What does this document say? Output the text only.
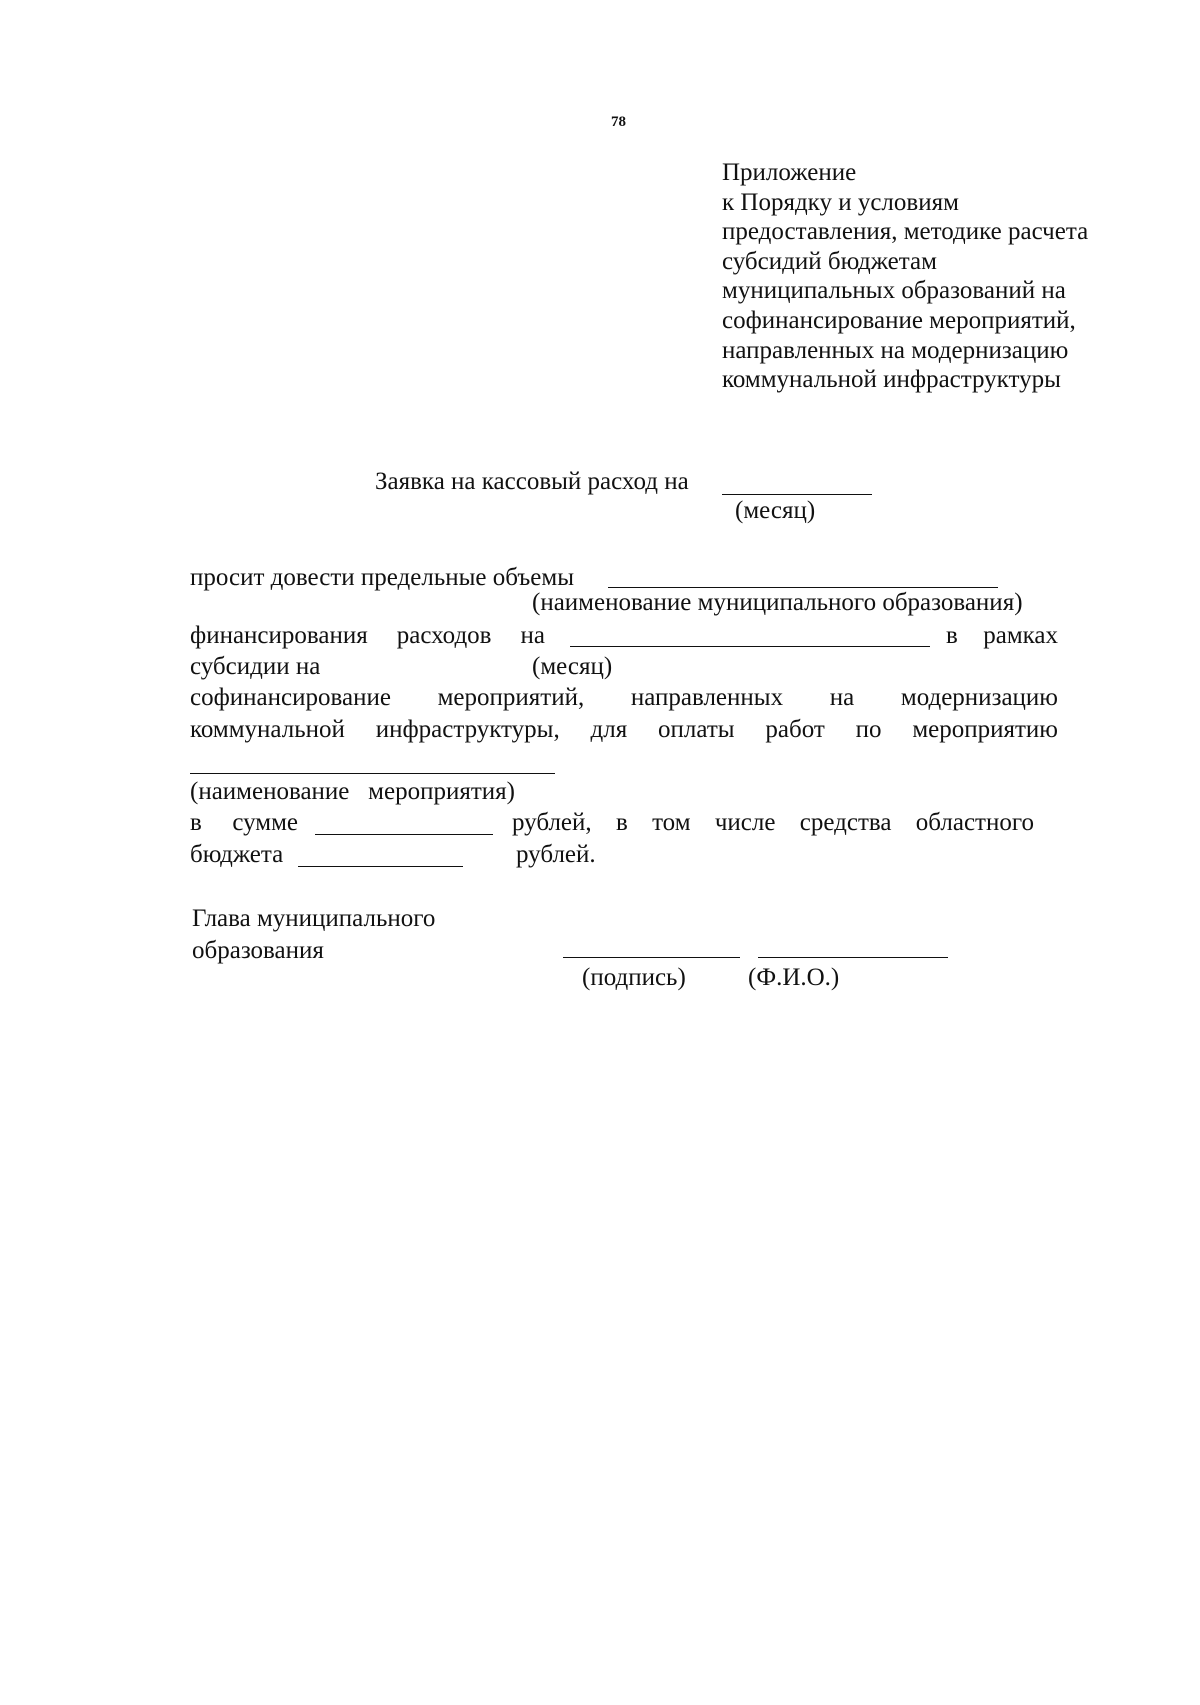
78
Приложение
к Порядку и условиям
предоставления, методике расчета
субсидий бюджетам
муниципальных образований на
софинансирование мероприятий,
направленных на модернизацию
коммунальной инфраструктуры
Заявка на кассовый расход на
(месяц)
просит довести предельные объемы
(наименование муниципального образования)
финансирования расходов на	в рамках
субсидии на	(месяц)
софинансирование мероприятий, направленных на модернизацию
коммунальной инфраструктуры, для оплаты работ по мероприятию
(наименование   мероприятия)
в сумме	рублей, в том числе средства областного
бюджета	рублей.
Глава муниципального
образования
(подпись) (Ф.И.О.)
